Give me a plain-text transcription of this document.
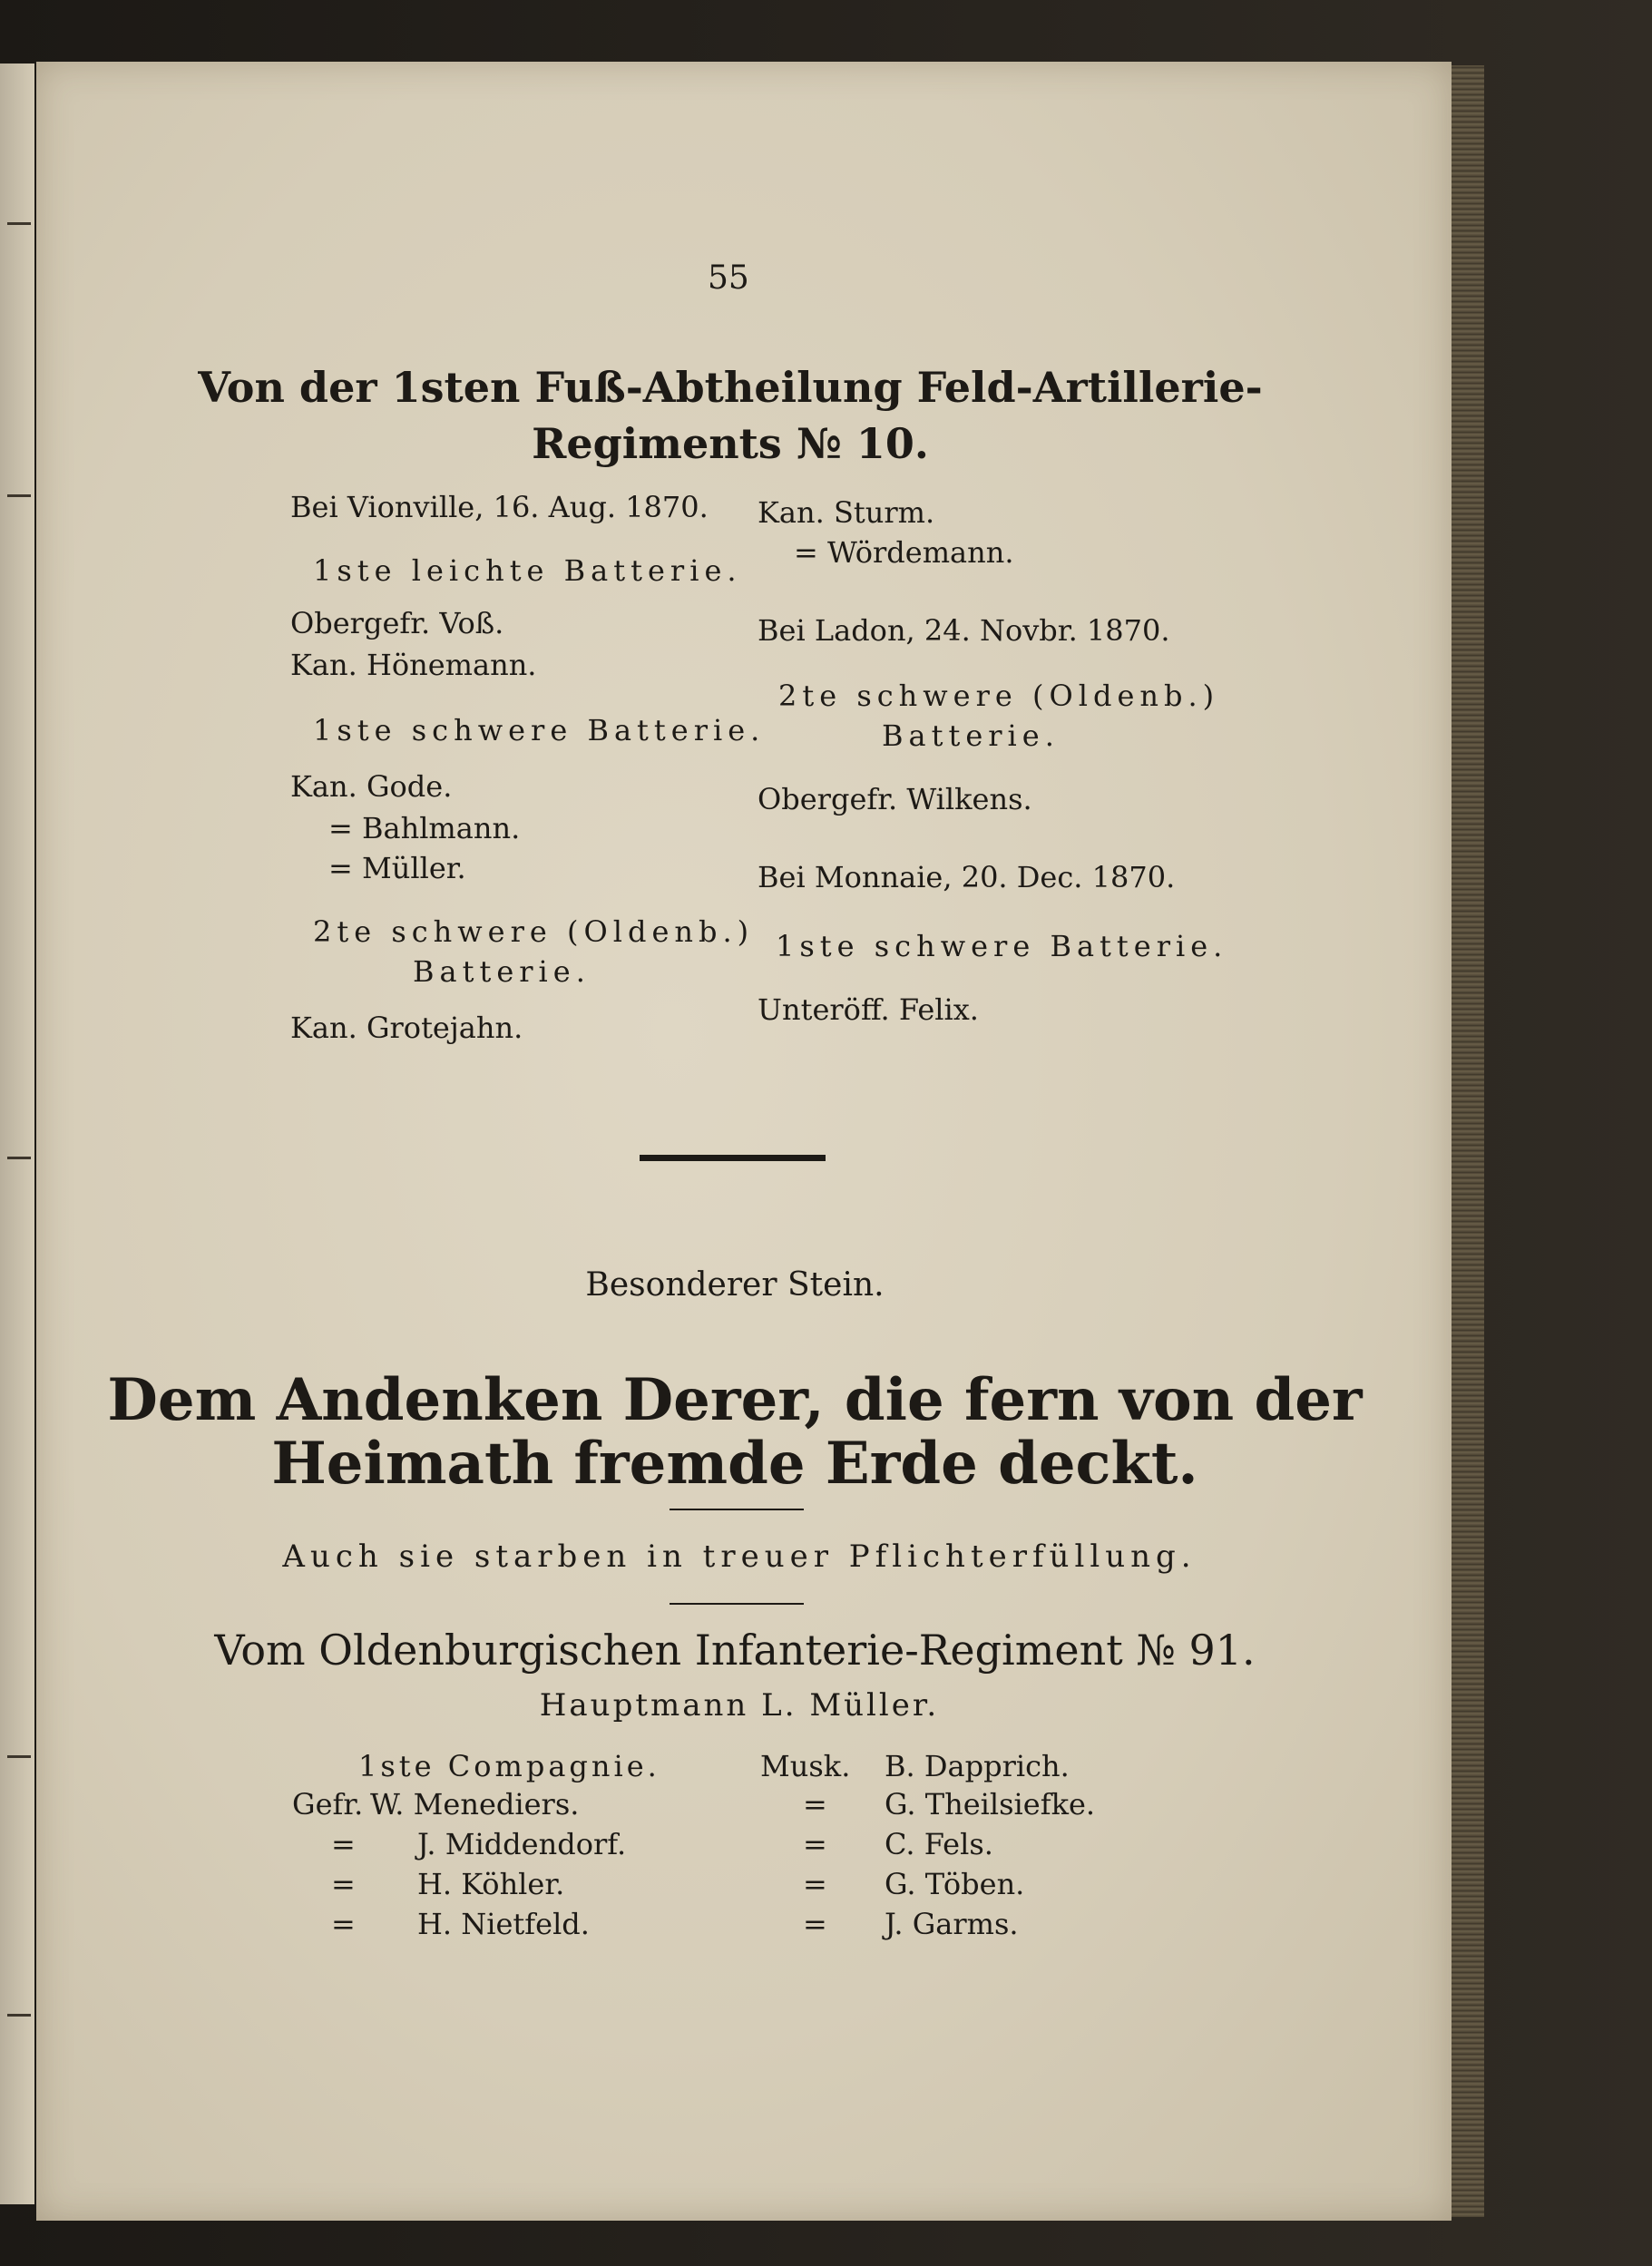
55
Von der 1sten Fuß-Abtheilung Feld-Artillerie-
Regiments № 10.
Bei Vionville, 16. Aug. 1870.
1ste leichte Batterie.
Obergefr. Voß.
Kan. Hönemann.
1ste schwere Batterie.
Kan. Gode.
= Bahlmann.
= Müller.
2te schwere (Oldenb.)
Batterie.
Kan. Grotejahn.
Kan. Sturm.
= Wördemann.
Bei Ladon, 24. Novbr. 1870.
2te schwere (Oldenb.)
Batterie.
Obergefr. Wilkens.
Bei Monnaie, 20. Dec. 1870.
1ste schwere Batterie.
Unteröff. Felix.
Besonderer Stein.
Dem Andenken Derer, die fern von der
Heimath fremde Erde deckt.
Auch sie starben in treuer Pflichterfüllung.
Vom Oldenburgischen Infanterie-Regiment № 91.
Hauptmann L. Müller.
1ste Compagnie.
Gefr. W. Menediers.
= J. Middendorf.
= H. Köhler.
= H. Nietfeld.
Musk. B. Dapprich.
= G. Theilsiefke.
= C. Fels.
= G. Töben.
= J. Garms.
